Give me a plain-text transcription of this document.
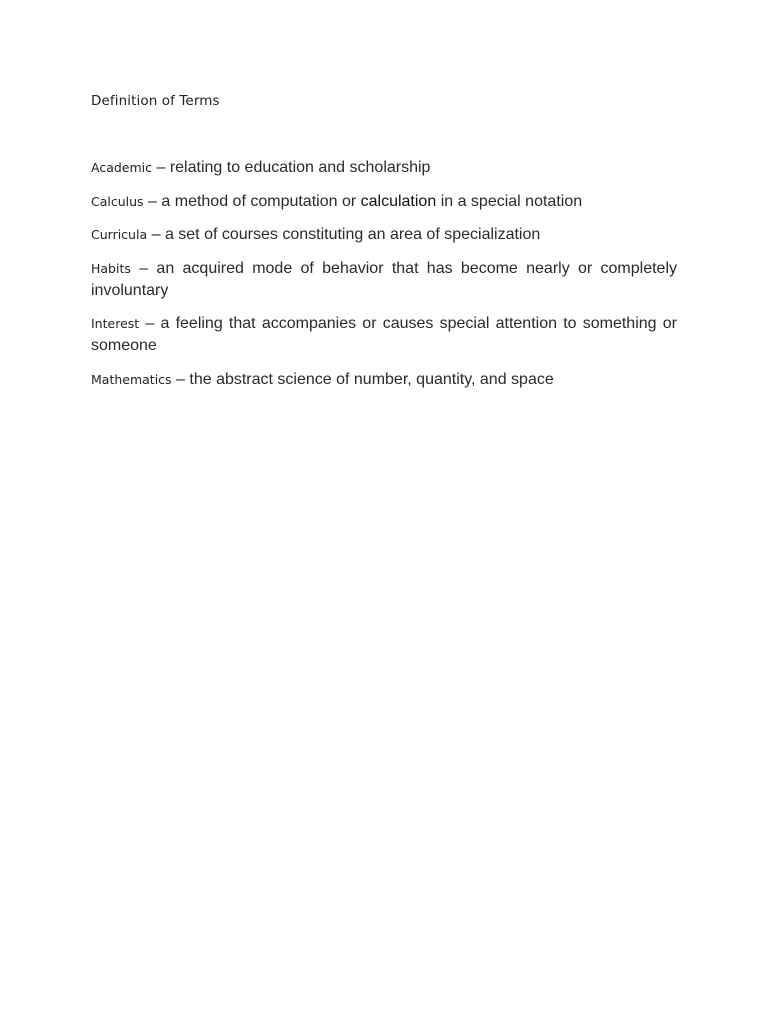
Definition of Terms

Academic – relating to education and scholarship

Calculus – a method of computation or calculation in a special notation

Curricula – a set of courses constituting an area of specialization

Habits – an acquired mode of behavior that has become nearly or completely involuntary

Interest – a feeling that accompanies or causes special attention to something or someone

Mathematics – the abstract science of number, quantity, and space
